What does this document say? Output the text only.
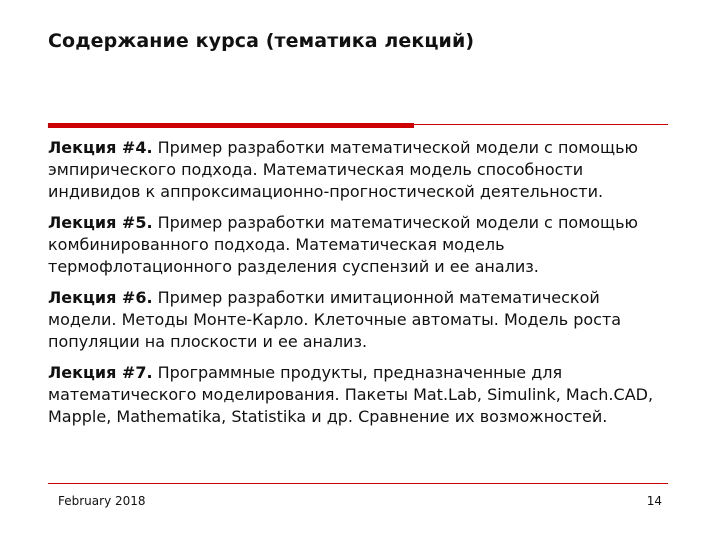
Содержание курса (тематика лекций)

Лекция #4. Пример разработки математической модели с помощью эмпирического подхода. Математическая модель способности индивидов к аппроксимационно-прогностической деятельности.

Лекция #5. Пример разработки математической модели с помощью комбинированного подхода. Математическая модель термофлотационного разделения суспензий и ее анализ.

Лекция #6. Пример разработки имитационной математической модели. Методы Монте-Карло. Клеточные автоматы. Модель роста популяции на плоскости и ее анализ.

Лекция #7. Программные продукты, предназначенные для математического моделирования. Пакеты Mat.Lab, Simulink, Mach.CAD, Mapple, Mathematika, Statistika и др. Сравнение их возможностей.

February 2018	14
